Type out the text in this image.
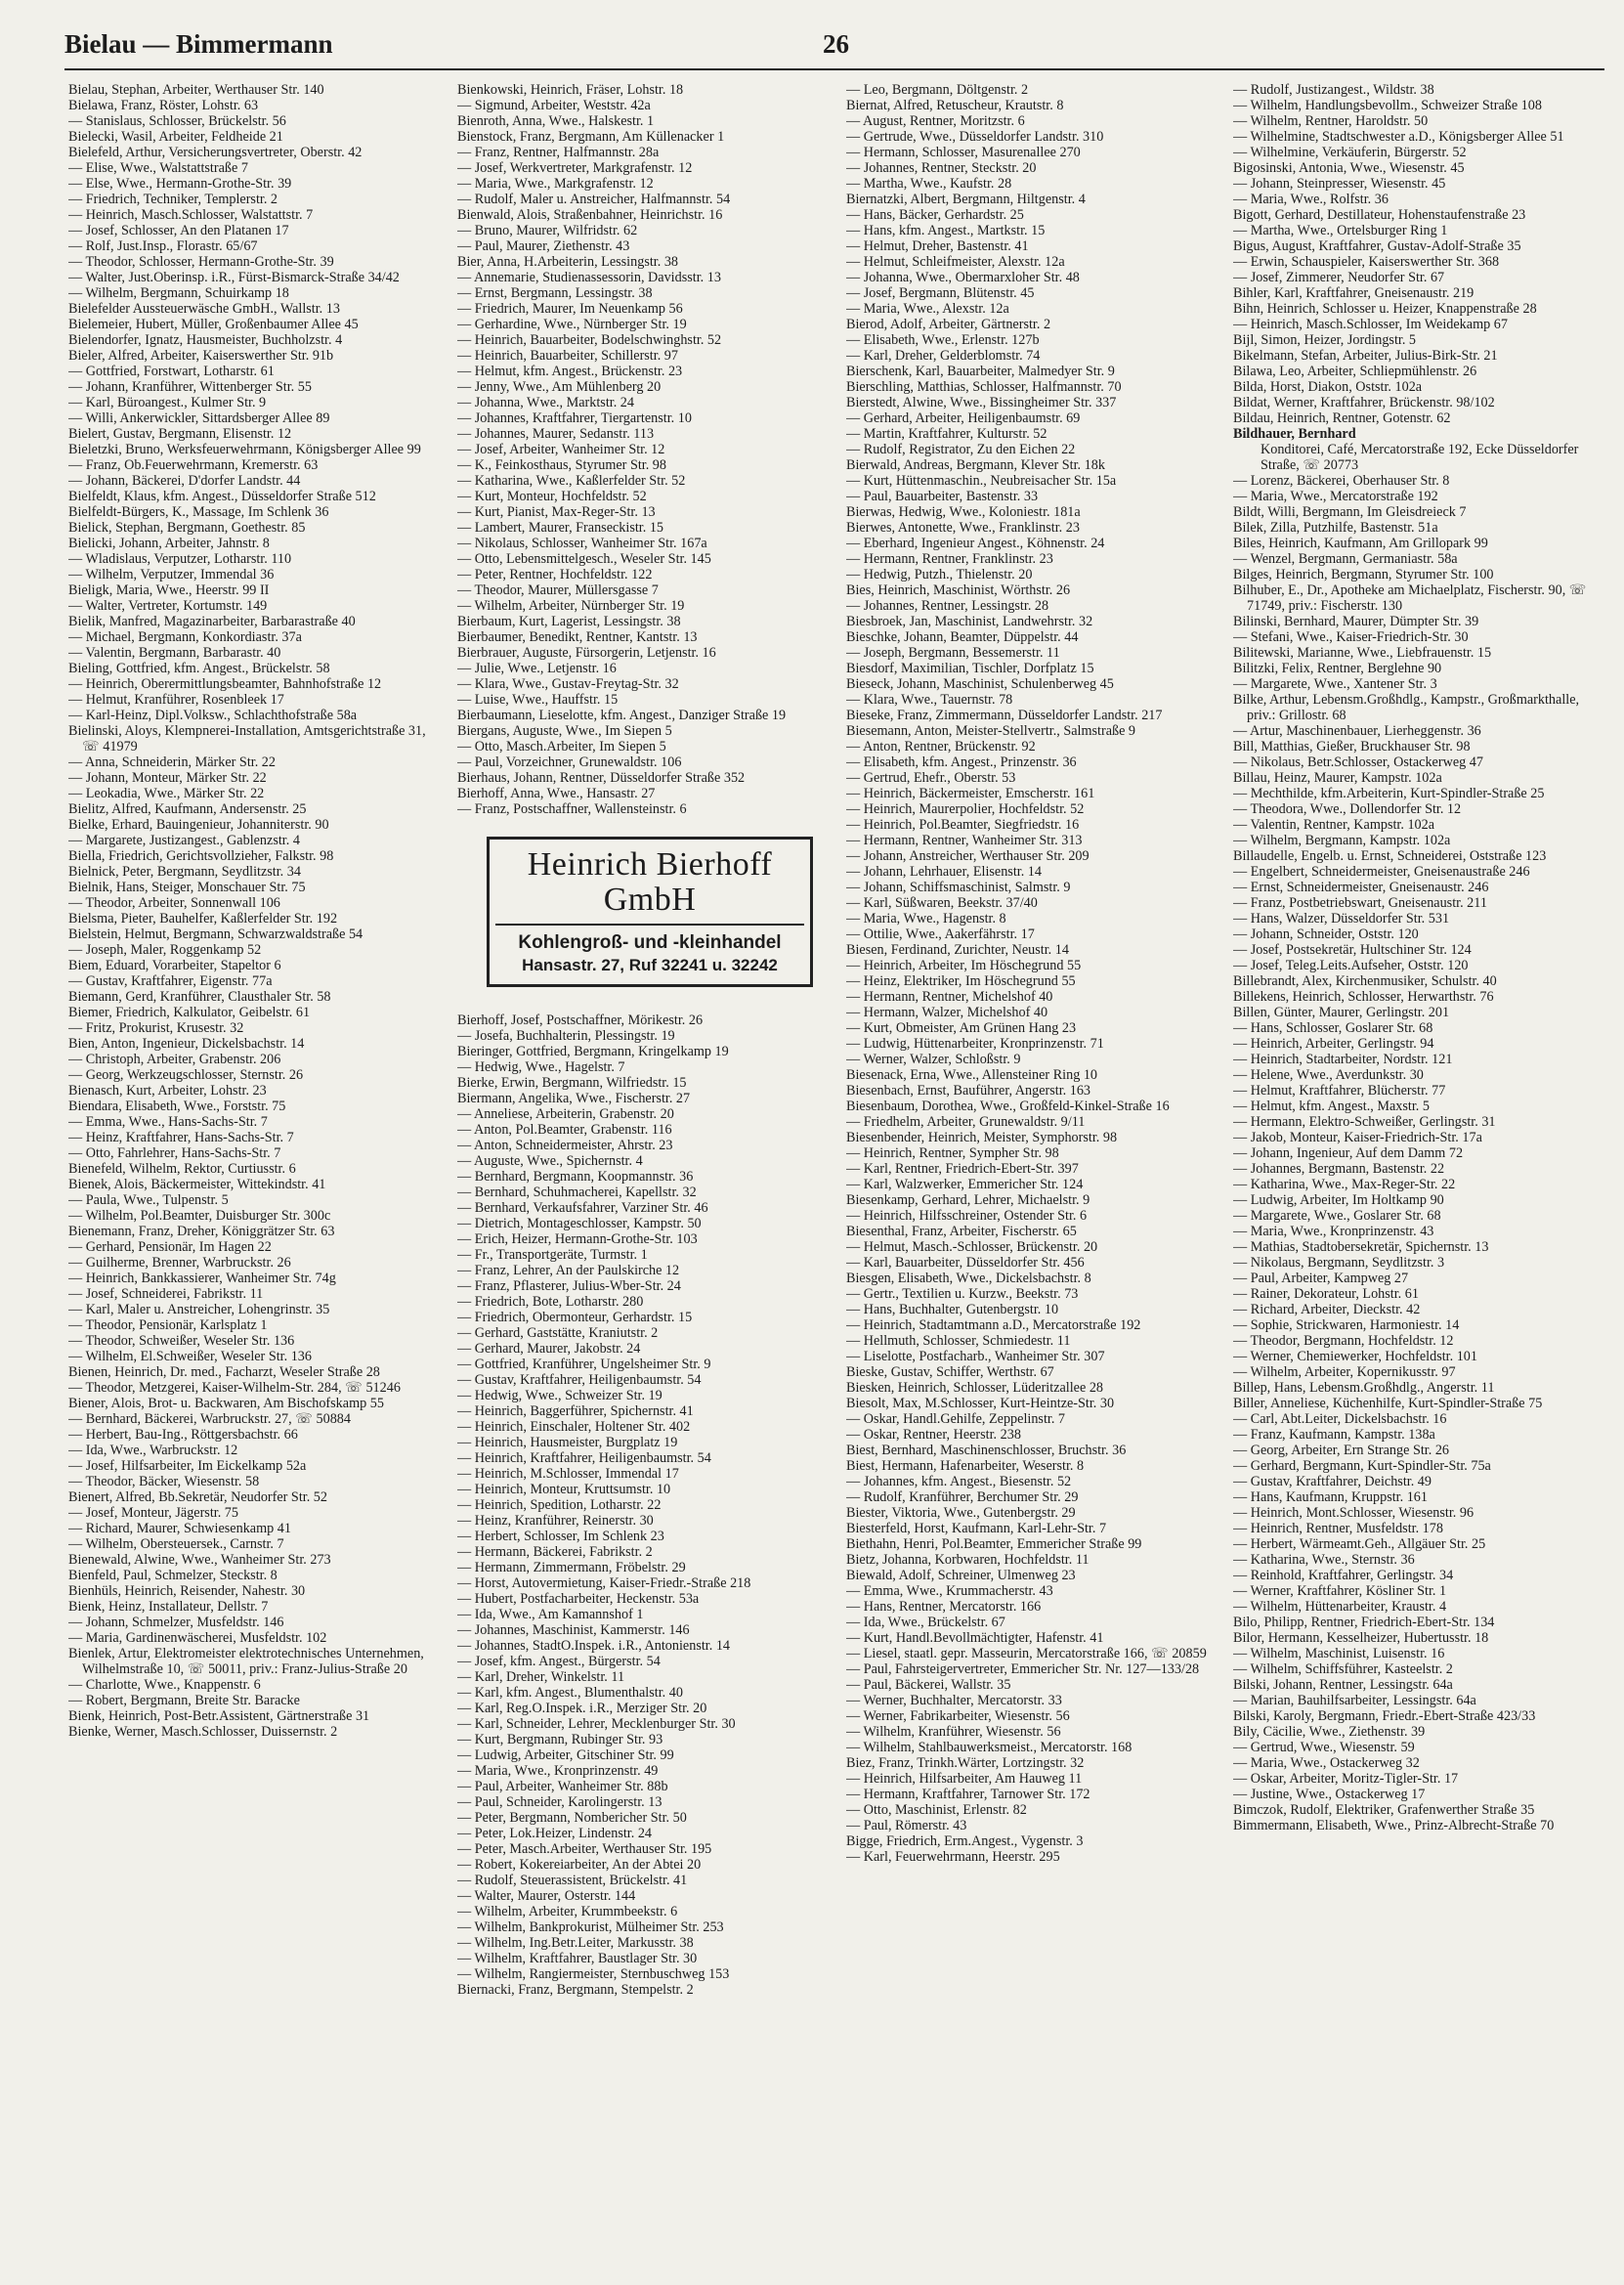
Bielau — Bimmermann	26
Bielau, Stephan, Arbeiter, Werthauser Str. 140
Bielawa, Franz, Röster, Lohstr. 63
— Stanislaus, Schlosser, Brückelstr. 56
Bielecki, Wasil, Arbeiter, Feldheide 21
Bielefeld, Arthur, Versicherungsvertreter, Oberstr. 42
— Elise, Wwe., Walstattstraße 7
— Else, Wwe., Hermann-Grothe-Str. 39
— Friedrich, Techniker, Templerstr. 2
— Heinrich, Masch.Schlosser, Walstattstr. 7
— Josef, Schlosser, An den Platanen 17
— Rolf, Just.Insp., Florastr. 65/67
— Theodor, Schlosser, Hermann-Grothe-Str. 39
— Walter, Just.Oberinsp. i.R., Fürst-Bismarck-Straße 34/42
— Wilhelm, Bergmann, Schuirkamp 18
Bielefelder Aussteuerwäsche GmbH., Wallstr. 13
Bielemeier, Hubert, Müller, Großenbaumer Allee 45
Bielendorfer, Ignatz, Hausmeister, Buchholzstr. 4
Bieler, Alfred, Arbeiter, Kaiserswerther Str. 91b
— Gottfried, Forstwart, Lotharstr. 61
— Johann, Kranführer, Wittenberger Str. 55
— Karl, Büroangest., Kulmer Str. 9
— Willi, Ankerwickler, Sittardsberger Allee 89
Bielert, Gustav, Bergmann, Elisenstr. 12
Bieletzki, Bruno, Werksfeuerwehrmann, Königsberger Allee 99
— Franz, Ob.Feuerwehrmann, Kremerstr. 63
— Johann, Bäckerei, D'dorfer Landstr. 44
Bielfeldt, Klaus, kfm. Angest., Düsseldorfer Straße 512
Bielfeldt-Bürgers, K., Massage, Im Schlenk 36
Bielick, Stephan, Bergmann, Goethestr. 85
Bielicki, Johann, Arbeiter, Jahnstr. 8
— Wladislaus, Verputzer, Lotharstr. 110
— Wilhelm, Verputzer, Immendal 36
Bieligk, Maria, Wwe., Heerstr. 99 II
— Walter, Vertreter, Kortumstr. 149
Bielik, Manfred, Magazinarbeiter, Barbarastraße 40
— Michael, Bergmann, Konkordiastr. 37a
— Valentin, Bergmann, Barbarastr. 40
Bieling, Gottfried, kfm. Angest., Brückelstr. 58
— Heinrich, Oberermittlungsbeamter, Bahnhofstraße 12
— Helmut, Kranführer, Rosenbleek 17
— Karl-Heinz, Dipl.Volksw., Schlachthofstraße 58a
Bielinski, Aloys, Klempnerei-Installation, Amtsgerichtstraße 31, ☏ 41979
— Anna, Schneiderin, Märker Str. 22
— Johann, Monteur, Märker Str. 22
— Leokadia, Wwe., Märker Str. 22
Bielitz, Alfred, Kaufmann, Andersenstr. 25
Bielke, Erhard, Bauingenieur, Johanniterstr. 90
— Margarete, Justizangest., Gablenzstr. 4
Biella, Friedrich, Gerichtsvollzieher, Falkstr. 98
Bielnick, Peter, Bergmann, Seydlitzstr. 34
Bielnik, Hans, Steiger, Monschauer Str. 75
— Theodor, Arbeiter, Sonnenwall 106
Bielsma, Pieter, Bauhelfer, Kaßlerfelder Str. 192
Bielstein, Helmut, Bergmann, Schwarzwaldstraße 54
— Joseph, Maler, Roggenkamp 52
Biem, Eduard, Vorarbeiter, Stapeltor 6
— Gustav, Kraftfahrer, Eigenstr. 77a
Biemann, Gerd, Kranführer, Clausthaler Str. 58
Biemer, Friedrich, Kalkulator, Geibelstr. 61
— Fritz, Prokurist, Krusestr. 32
Bien, Anton, Ingenieur, Dickelsbachstr. 14
— Christoph, Arbeiter, Grabenstr. 206
— Georg, Werkzeugschlosser, Sternstr. 26
Bienasch, Kurt, Arbeiter, Lohstr. 23
Biendara, Elisabeth, Wwe., Forststr. 75
— Emma, Wwe., Hans-Sachs-Str. 7
— Heinz, Kraftfahrer, Hans-Sachs-Str. 7
— Otto, Fahrlehrer, Hans-Sachs-Str. 7
Bienefeld, Wilhelm, Rektor, Curtiusstr. 6
Bienek, Alois, Bäckermeister, Wittekindstr. 41
— Paula, Wwe., Tulpenstr. 5
— Wilhelm, Pol.Beamter, Duisburger Str. 300c
Bienemann, Franz, Dreher, Königgrätzer Str. 63
— Gerhard, Pensionär, Im Hagen 22
— Guilherme, Brenner, Warbruckstr. 26
— Heinrich, Bankkassierer, Wanheimer Str. 74g
— Josef, Schneiderei, Fabrikstr. 11
— Karl, Maler u. Anstreicher, Lohengrinstr. 35
— Theodor, Pensionär, Karlsplatz 1
— Theodor, Schweißer, Weseler Str. 136
— Wilhelm, El.Schweißer, Weseler Str. 136
Bienen, Heinrich, Dr. med., Facharzt, Weseler Straße 28
— Theodor, Metzgerei, Kaiser-Wilhelm-Str. 284, ☏ 51246
Biener, Alois, Brot- u. Backwaren, Am Bischofskamp 55
— Bernhard, Bäckerei, Warbruckstr. 27, ☏ 50884
— Herbert, Bau-Ing., Röttgersbachstr. 66
— Ida, Wwe., Warbruckstr. 12
— Josef, Hilfsarbeiter, Im Eickelkamp 52a
— Theodor, Bäcker, Wiesenstr. 58
Bienert, Alfred, Bb.Sekretär, Neudorfer Str. 52
— Josef, Monteur, Jägerstr. 75
— Richard, Maurer, Schwiesenkamp 41
— Wilhelm, Obersteuersek., Carnstr. 7
Bienewald, Alwine, Wwe., Wanheimer Str. 273
Bienfeld, Paul, Schmelzer, Steckstr. 8
Bienhüls, Heinrich, Reisender, Nahestr. 30
Bienk, Heinz, Installateur, Dellstr. 7
— Johann, Schmelzer, Musfeldstr. 146
— Maria, Gardinenwäscherei, Musfeldstr. 102
Bienlek, Artur, Elektromeister elektrotechnisches Unternehmen, Wilhelmstraße 10, ☏ 50011, priv.: Franz-Julius-Straße 20
— Charlotte, Wwe., Knappenstr. 6
— Robert, Bergmann, Breite Str. Baracke
Bienk, Heinrich, Post-Betr.Assistent, Gärtnerstraße 31
Bienke, Werner, Masch.Schlosser, Duissernstr. 2
Bienkowski, Heinrich, Fräser, Lohstr. 18
— Sigmund, Arbeiter, Weststr. 42a
Bienroth, Anna, Wwe., Halskestr. 1
Bienstock, Franz, Bergmann, Am Küllenacker 1
— Franz, Rentner, Halfmannstr. 28a
— Josef, Werkvertreter, Markgrafenstr. 12
— Maria, Wwe., Markgrafenstr. 12
— Rudolf, Maler u. Anstreicher, Halfmannstr. 54
Bienwald, Alois, Straßenbahner, Heinrichstr. 16
— Bruno, Maurer, Wilfridstr. 62
— Paul, Maurer, Ziethenstr. 43
Bier, Anna, H.Arbeiterin, Lessingstr. 38
— Annemarie, Studienassessorin, Davidsstr. 13
— Ernst, Bergmann, Lessingstr. 38
— Friedrich, Maurer, Im Neuenkamp 56
— Gerhardine, Wwe., Nürnberger Str. 19
— Heinrich, Bauarbeiter, Bodelschwinghstr. 52
— Heinrich, Bauarbeiter, Schillerstr. 97
— Helmut, kfm. Angest., Brückenstr. 23
— Jenny, Wwe., Am Mühlenberg 20
— Johanna, Wwe., Marktstr. 24
— Johannes, Kraftfahrer, Tiergartenstr. 10
— Johannes, Maurer, Sedanstr. 113
— Josef, Arbeiter, Wanheimer Str. 12
— K., Feinkosthaus, Styrumer Str. 98
— Katharina, Wwe., Kaßlerfelder Str. 52
— Kurt, Monteur, Hochfeldstr. 52
— Kurt, Pianist, Max-Reger-Str. 13
— Lambert, Maurer, Franseckistr. 15
— Nikolaus, Schlosser, Wanheimer Str. 167a
— Otto, Lebensmittelgesch., Weseler Str. 145
— Peter, Rentner, Hochfeldstr. 122
— Theodor, Maurer, Müllersgasse 7
— Wilhelm, Arbeiter, Nürnberger Str. 19
Bierbaum, Kurt, Lagerist, Lessingstr. 38
Bierbaumer, Benedikt, Rentner, Kantstr. 13
Bierbrauer, Auguste, Fürsorgerin, Letjenstr. 16
— Julie, Wwe., Letjenstr. 16
— Klara, Wwe., Gustav-Freytag-Str. 32
— Luise, Wwe., Hauffstr. 15
Bierbaumann, Lieselotte, kfm. Angest., Danziger Straße 19
Biergans, Auguste, Wwe., Im Siepen 5
— Otto, Masch.Arbeiter, Im Siepen 5
— Paul, Vorzeichner, Grunewaldstr. 106
Bierhaus, Johann, Rentner, Düsseldorfer Straße 352
Bierhoff, Anna, Wwe., Hansastr. 27
— Franz, Postschaffner, Wallensteinstr. 6
Heinrich Bierhoff GmbH
Kohlengroß- und -kleinhandel
Hansastr. 27, Ruf 32241 u. 32242
Bierhoff, Josef, Postschaffner, Mörikestr. 26
— Josefa, Buchhalterin, Plessingstr. 19
Bieringer, Gottfried, Bergmann, Kringelkamp 19
— Hedwig, Wwe., Hagelstr. 7
Bierke, Erwin, Bergmann, Wilfriedstr. 15
Biermann, Angelika, Wwe., Fischerstr. 27
— Anneliese, Arbeiterin, Grabenstr. 20
— Anton, Pol.Beamter, Grabenstr. 116
— Anton, Schneidermeister, Ahrstr. 23
— Auguste, Wwe., Spichernstr. 4
— Bernhard, Bergmann, Koopmannstr. 36
— Bernhard, Schuhmacherei, Kapellstr. 32
— Bernhard, Verkaufsfahrer, Varziner Str. 46
— Dietrich, Montageschlosser, Kampstr. 50
— Erich, Heizer, Hermann-Grothe-Str. 103
— Fr., Transportgeräte, Turmstr. 1
— Franz, Lehrer, An der Paulskirche 12
— Franz, Pflasterer, Julius-Wber-Str. 24
— Friedrich, Bote, Lotharstr. 280
— Friedrich, Obermonteur, Gerhardstr. 15
— Gerhard, Gaststätte, Kraniutstr. 2
— Gerhard, Maurer, Jakobstr. 24
— Gottfried, Kranführer, Ungelsheimer Str. 9
— Gustav, Kraftfahrer, Heiligenbaumstr. 54
— Hedwig, Wwe., Schweizer Str. 19
— Heinrich, Baggerführer, Spichernstr. 41
— Heinrich, Einschaler, Holtener Str. 402
— Heinrich, Hausmeister, Burgplatz 19
— Heinrich, Kraftfahrer, Heiligenbaumstr. 54
— Heinrich, M.Schlosser, Immendal 17
— Heinrich, Monteur, Kruttsumstr. 10
— Heinrich, Spedition, Lotharstr. 22
— Heinz, Kranführer, Reinerstr. 30
— Herbert, Schlosser, Im Schlenk 23
— Hermann, Bäckerei, Fabrikstr. 2
— Hermann, Zimmermann, Fröbelstr. 29
— Horst, Autovermietung, Kaiser-Friedr.-Straße 218
— Hubert, Postfacharbeiter, Heckenstr. 53a
— Ida, Wwe., Am Kamannshof 1
— Johannes, Maschinist, Kammerstr. 146
— Johannes, StadtO.Inspek. i.R., Antonienstr. 14
— Josef, kfm. Angest., Bürgerstr. 54
— Karl, Dreher, Winkelstr. 11
— Karl, kfm. Angest., Blumenthalstr. 40
— Karl, Reg.O.Inspek. i.R., Merziger Str. 20
— Karl, Schneider, Lehrer, Mecklenburger Str. 30
— Kurt, Bergmann, Rubinger Str. 93
— Ludwig, Arbeiter, Gitschiner Str. 99
— Maria, Wwe., Kronprinzenstr. 49
— Paul, Arbeiter, Wanheimer Str. 88b
— Paul, Schneider, Karolingerstr. 13
— Peter, Bergmann, Nombericher Str. 50
— Peter, Lok.Heizer, Lindenstr. 24
— Peter, Masch.Arbeiter, Werthauser Str. 195
— Robert, Kokereiarbeiter, An der Abtei 20
— Rudolf, Steuerassistent, Brückelstr. 41
— Walter, Maurer, Osterstr. 144
— Wilhelm, Arbeiter, Krummbeekstr. 6
— Wilhelm, Bankprokurist, Mülheimer Str. 253
— Wilhelm, Ing.Betr.Leiter, Markusstr. 38
— Wilhelm, Kraftfahrer, Baustlager Str. 30
— Wilhelm, Rangiermeister, Sternbuschweg 153
Biernacki, Franz, Bergmann, Stempelstr. 2
— Leo, Bergmann, Döltgenstr. 2
Biernat, Alfred, Retuscheur, Krautstr. 8
— August, Rentner, Moritzstr. 6
— Gertrude, Wwe., Düsseldorfer Landstr. 310
— Hermann, Schlosser, Masurenallee 270
— Johannes, Rentner, Steckstr. 20
— Martha, Wwe., Kaufstr. 28
Biernatzki, Albert, Bergmann, Hiltgenstr. 4
— Hans, Bäcker, Gerhardstr. 25
— Hans, kfm. Angest., Martkstr. 15
— Helmut, Dreher, Bastenstr. 41
— Helmut, Schleifmeister, Alexstr. 12a
— Johanna, Wwe., Obermarxloher Str. 48
— Josef, Bergmann, Blütenstr. 45
— Maria, Wwe., Alexstr. 12a
Bierod, Adolf, Arbeiter, Gärtnerstr. 2
— Elisabeth, Wwe., Erlenstr. 127b
— Karl, Dreher, Gelderblomstr. 74
Bierschenk, Karl, Bauarbeiter, Malmedyer Str. 9
Bierschling, Matthias, Schlosser, Halfmannstr. 70
Bierstedt, Alwine, Wwe., Bissingheimer Str. 337
— Gerhard, Arbeiter, Heiligenbaumstr. 69
— Martin, Kraftfahrer, Kulturstr. 52
— Rudolf, Registrator, Zu den Eichen 22
Bierwald, Andreas, Bergmann, Klever Str. 18k
— Kurt, Hüttenmaschin., Neubreisacher Str. 15a
— Paul, Bauarbeiter, Bastenstr. 33
Bierwas, Hedwig, Wwe., Koloniestr. 181a
Bierwes, Antonette, Wwe., Franklinstr. 23
— Eberhard, Ingenieur Angest., Köhnenstr. 24
— Hermann, Rentner, Franklinstr. 23
— Hedwig, Putzh., Thielenstr. 20
Bies, Heinrich, Maschinist, Wörthstr. 26
— Johannes, Rentner, Lessingstr. 28
Biesbroek, Jan, Maschinist, Landwehrstr. 32
Bieschke, Johann, Beamter, Düppelstr. 44
— Joseph, Bergmann, Bessemerstr. 11
Biesdorf, Maximilian, Tischler, Dorfplatz 15
Bieseck, Johann, Maschinist, Schulenberweg 45
— Klara, Wwe., Tauernstr. 78
Bieseke, Franz, Zimmermann, Düsseldorfer Landstr. 217
Biesemann, Anton, Meister-Stellvertr., Salmstraße 9
— Anton, Rentner, Brückenstr. 92
— Elisabeth, kfm. Angest., Prinzenstr. 36
— Gertrud, Ehefr., Oberstr. 53
— Heinrich, Bäckermeister, Emscherstr. 161
— Heinrich, Maurerpolier, Hochfeldstr. 52
— Heinrich, Pol.Beamter, Siegfriedstr. 16
— Hermann, Rentner, Wanheimer Str. 313
— Johann, Anstreicher, Werthauser Str. 209
— Johann, Lehrhauer, Elisenstr. 14
— Johann, Schiffsmaschinist, Salmstr. 9
— Karl, Süßwaren, Beekstr. 37/40
— Maria, Wwe., Hagenstr. 8
— Ottilie, Wwe., Aakerfährstr. 17
Biesen, Ferdinand, Zurichter, Neustr. 14
— Heinrich, Arbeiter, Im Höschegrund 55
— Heinz, Elektriker, Im Höschegrund 55
— Hermann, Rentner, Michelshof 40
— Hermann, Walzer, Michelshof 40
— Kurt, Obmeister, Am Grünen Hang 23
— Ludwig, Hüttenarbeiter, Kronprinzenstr. 71
— Werner, Walzer, Schloßstr. 9
Biesenack, Erna, Wwe., Allensteiner Ring 10
Biesenbach, Ernst, Bauführer, Angerstr. 163
Biesenbaum, Dorothea, Wwe., Großfeld-Kinkel-Straße 16
— Friedhelm, Arbeiter, Grunewaldstr. 9/11
Biesenbender, Heinrich, Meister, Symphorstr. 98
— Heinrich, Rentner, Sympher Str. 98
— Karl, Rentner, Friedrich-Ebert-Str. 397
— Karl, Walzwerker, Emmericher Str. 124
Biesenkamp, Gerhard, Lehrer, Michaelstr. 9
— Heinrich, Hilfsschreiner, Ostender Str. 6
Biesenthal, Franz, Arbeiter, Fischerstr. 65
— Helmut, Masch.-Schlosser, Brückenstr. 20
— Karl, Bauarbeiter, Düsseldorfer Str. 456
Biesgen, Elisabeth, Wwe., Dickelsbachstr. 8
— Gertr., Textilien u. Kurzw., Beekstr. 73
— Hans, Buchhalter, Gutenbergstr. 10
— Heinrich, Stadtamtmann a.D., Mercatorstraße 192
— Hellmuth, Schlosser, Schmiedestr. 11
— Liselotte, Postfacharb., Wanheimer Str. 307
Bieske, Gustav, Schiffer, Werthstr. 67
Biesken, Heinrich, Schlosser, Lüderitzallee 28
Biesolt, Max, M.Schlosser, Kurt-Heintze-Str. 30
— Oskar, Handl.Gehilfe, Zeppelinstr. 7
— Oskar, Rentner, Heerstr. 238
Biest, Bernhard, Maschinenschlosser, Bruchstr. 36
Biest, Hermann, Hafenarbeiter, Weserstr. 8
— Johannes, kfm. Angest., Biesenstr. 52
— Rudolf, Kranführer, Berchumer Str. 29
Biester, Viktoria, Wwe., Gutenbergstr. 29
Biesterfeld, Horst, Kaufmann, Karl-Lehr-Str. 7
Biethahn, Henri, Pol.Beamter, Emmericher Straße 99
Bietz, Johanna, Korbwaren, Hochfeldstr. 11
Biewald, Adolf, Schreiner, Ulmenweg 23
— Emma, Wwe., Krummacherstr. 43
— Hans, Rentner, Mercatorstr. 166
— Ida, Wwe., Brückelstr. 67
— Kurt, Handl.Bevollmächtigter, Hafenstr. 41
— Liesel, staatl. gepr. Masseurin, Mercatorstraße 166, ☏ 20859
— Paul, Fahrsteigervertreter, Emmericher Str. Nr. 127—133/28
— Paul, Bäckerei, Wallstr. 35
— Werner, Buchhalter, Mercatorstr. 33
— Werner, Fabrikarbeiter, Wiesenstr. 56
— Wilhelm, Kranführer, Wiesenstr. 56
— Wilhelm, Stahlbauwerksmeist., Mercatorstr. 168
Biez, Franz, Trinkh.Wärter, Lortzingstr. 32
— Heinrich, Hilfsarbeiter, Am Hauweg 11
— Hermann, Kraftfahrer, Tarnower Str. 172
— Otto, Maschinist, Erlenstr. 82
— Paul, Römerstr. 43
Bigge, Friedrich, Erm.Angest., Vygenstr. 3
— Karl, Feuerwehrmann, Heerstr. 295
— Rudolf, Justizangest., Wildstr. 38
— Wilhelm, Handlungsbevollm., Schweizer Straße 108
— Wilhelm, Rentner, Haroldstr. 50
— Wilhelmine, Stadtschwester a.D., Königsberger Allee 51
— Wilhelmine, Verkäuferin, Bürgerstr. 52
Bigosinski, Antonia, Wwe., Wiesenstr. 45
— Johann, Steinpresser, Wiesenstr. 45
— Maria, Wwe., Rolfstr. 36
Bigott, Gerhard, Destillateur, Hohenstaufenstraße 23
— Martha, Wwe., Ortelsburger Ring 1
Bigus, August, Kraftfahrer, Gustav-Adolf-Straße 35
— Erwin, Schauspieler, Kaiserswerther Str. 368
— Josef, Zimmerer, Neudorfer Str. 67
Bihler, Karl, Kraftfahrer, Gneisenaustr. 219
Bihn, Heinrich, Schlosser u. Heizer, Knappenstraße 28
— Heinrich, Masch.Schlosser, Im Weidekamp 67
Bijl, Simon, Heizer, Jordingstr. 5
Bikelmann, Stefan, Arbeiter, Julius-Birk-Str. 21
Bilawa, Leo, Arbeiter, Schliepmühlenstr. 26
Bilda, Horst, Diakon, Oststr. 102a
Bildat, Werner, Kraftfahrer, Brückenstr. 98/102
Bildau, Heinrich, Rentner, Gotenstr. 62
Bildhauer, Bernhard
Konditorei, Café, Mercatorstraße 192, Ecke Düsseldorfer Straße, ☏ 20773
— Lorenz, Bäckerei, Oberhauser Str. 8
— Maria, Wwe., Mercatorstraße 192
Bildt, Willi, Bergmann, Im Gleisdreieck 7
Bilek, Zilla, Putzhilfe, Bastenstr. 51a
Biles, Heinrich, Kaufmann, Am Grillopark 99
— Wenzel, Bergmann, Germaniastr. 58a
Bilges, Heinrich, Bergmann, Styrumer Str. 100
Bilhuber, E., Dr., Apotheke am Michaelplatz, Fischerstr. 90, ☏ 71749, priv.: Fischerstr. 130
Bilinski, Bernhard, Maurer, Dümpter Str. 39
— Stefani, Wwe., Kaiser-Friedrich-Str. 30
Bilitewski, Marianne, Wwe., Liebfrauenstr. 15
Bilitzki, Felix, Rentner, Berglehne 90
— Margarete, Wwe., Xantener Str. 3
Bilke, Arthur, Lebensm.Großhdlg., Kampstr., Großmarkthalle, priv.: Grillostr. 68
— Artur, Maschinenbauer, Lierheggenstr. 36
Bill, Matthias, Gießer, Bruckhauser Str. 98
— Nikolaus, Betr.Schlosser, Ostackerweg 47
Billau, Heinz, Maurer, Kampstr. 102a
— Mechthilde, kfm.Arbeiterin, Kurt-Spindler-Straße 25
— Theodora, Wwe., Dollendorfer Str. 12
— Valentin, Rentner, Kampstr. 102a
— Wilhelm, Bergmann, Kampstr. 102a
Billaudelle, Engelb. u. Ernst, Schneiderei, Oststraße 123
— Engelbert, Schneidermeister, Gneisenaustraße 246
— Ernst, Schneidermeister, Gneisenaustr. 246
— Franz, Postbetriebswart, Gneisenaustr. 211
— Hans, Walzer, Düsseldorfer Str. 531
— Johann, Schneider, Oststr. 120
— Josef, Postsekretär, Hultschiner Str. 124
— Josef, Teleg.Leits.Aufseher, Oststr. 120
Billebrandt, Alex, Kirchenmusiker, Schulstr. 40
Billekens, Heinrich, Schlosser, Herwarthstr. 76
Billen, Günter, Maurer, Gerlingstr. 201
— Hans, Schlosser, Goslarer Str. 68
— Heinrich, Arbeiter, Gerlingstr. 94
— Heinrich, Stadtarbeiter, Nordstr. 121
— Helene, Wwe., Averdunkstr. 30
— Helmut, Kraftfahrer, Blücherstr. 77
— Helmut, kfm. Angest., Maxstr. 5
— Hermann, Elektro-Schweißer, Gerlingstr. 31
— Jakob, Monteur, Kaiser-Friedrich-Str. 17a
— Johann, Ingenieur, Auf dem Damm 72
— Johannes, Bergmann, Bastenstr. 22
— Katharina, Wwe., Max-Reger-Str. 22
— Ludwig, Arbeiter, Im Holtkamp 90
— Margarete, Wwe., Goslarer Str. 68
— Maria, Wwe., Kronprinzenstr. 43
— Mathias, Stadtobersekretär, Spichernstr. 13
— Nikolaus, Bergmann, Seydlitzstr. 3
— Paul, Arbeiter, Kampweg 27
— Rainer, Dekorateur, Lohstr. 61
— Richard, Arbeiter, Dieckstr. 42
— Sophie, Strickwaren, Harmoniestr. 14
— Theodor, Bergmann, Hochfeldstr. 12
— Werner, Chemiewerker, Hochfeldstr. 101
— Wilhelm, Arbeiter, Kopernikusstr. 97
Billep, Hans, Lebensm.Großhdlg., Angerstr. 11
Biller, Anneliese, Küchenhilfe, Kurt-Spindler-Straße 75
— Carl, Abt.Leiter, Dickelsbachstr. 16
— Franz, Kaufmann, Kampstr. 138a
— Georg, Arbeiter, Ern Strange Str. 26
— Gerhard, Bergmann, Kurt-Spindler-Str. 75a
— Gustav, Kraftfahrer, Deichstr. 49
— Hans, Kaufmann, Kruppstr. 161
— Heinrich, Mont.Schlosser, Wiesenstr. 96
— Heinrich, Rentner, Musfeldstr. 178
— Herbert, Wärmeamt.Geh., Allgäuer Str. 25
— Katharina, Wwe., Sternstr. 36
— Reinhold, Kraftfahrer, Gerlingstr. 34
— Werner, Kraftfahrer, Kösliner Str. 1
— Wilhelm, Hüttenarbeiter, Kraustr. 4
Bilo, Philipp, Rentner, Friedrich-Ebert-Str. 134
Bilor, Hermann, Kesselheizer, Hubertusstr. 18
— Wilhelm, Maschinist, Luisenstr. 16
— Wilhelm, Schiffsführer, Kasteelstr. 2
Bilski, Johann, Rentner, Lessingstr. 64a
— Marian, Bauhilfsarbeiter, Lessingstr. 64a
Bilski, Karoly, Bergmann, Friedr.-Ebert-Straße 423/33
Bily, Cäcilie, Wwe., Ziethenstr. 39
— Gertrud, Wwe., Wiesenstr. 59
— Maria, Wwe., Ostackerweg 32
— Oskar, Arbeiter, Moritz-Tigler-Str. 17
— Justine, Wwe., Ostackerweg 17
Bimczok, Rudolf, Elektriker, Grafenwerther Straße 35
Bimmermann, Elisabeth, Wwe., Prinz-Albrecht-Straße 70
